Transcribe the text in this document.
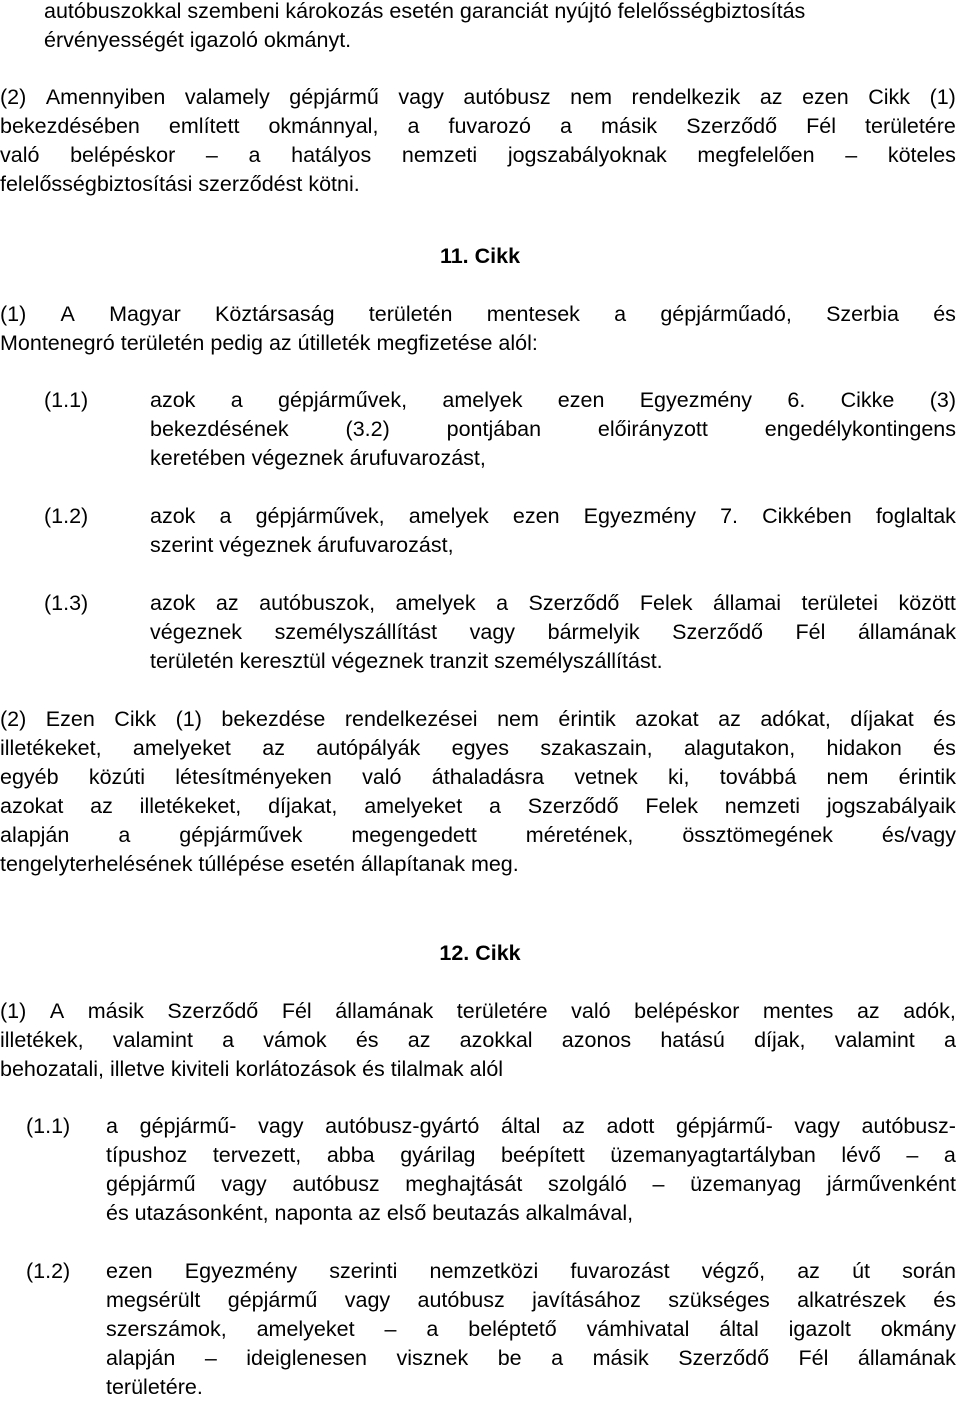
autóbuszokkal szembeni károkozás esetén garanciát nyújtó felelősségbiztosítás
érvényességét igazoló okmányt.
(2) Amennyiben valamely gépjármű vagy autóbusz nem rendelkezik az ezen Cikk (1)
bekezdésében említett okmánnyal, a fuvarozó a másik Szerződő Fél területére
való belépéskor – a hatályos nemzeti jogszabályoknak megfelelően – köteles
felelősségbiztosítási szerződést kötni.
11. Cikk
(1) A Magyar Köztársaság területén mentesek a gépjárműadó, Szerbia és
Montenegró területén pedig az útilleték megfizetése alól:
(1.1)	azok a gépjárművek, amelyek ezen Egyezmény 6. Cikke (3)
bekezdésének	(3.2)	pontjában	előirányzott	engedélykontingens
keretében végeznek árufuvarozást,
(1.2)	azok a gépjárművek, amelyek ezen Egyezmény 7. Cikkében foglaltak
szerint végeznek árufuvarozást,
(1.3)	azok az autóbuszok, amelyek a Szerződő Felek államai területei között
végeznek személyszállítást vagy bármelyik Szerződő Fél államának
területén keresztül végeznek tranzit személyszállítást.
(2) Ezen Cikk (1) bekezdése rendelkezései nem érintik azokat az adókat, díjakat és
illetékeket, amelyeket az autópályák egyes szakaszain, alagutakon, hidakon és
egyéb közúti létesítményeken való áthaladásra vetnek ki, továbbá nem érintik
azokat az illetékeket, díjakat, amelyeket a Szerződő Felek nemzeti jogszabályaik
alapján a gépjárművek megengedett méretének, össztömegének és/vagy
tengelyterhelésének túllépése esetén állapítanak meg.
12. Cikk
(1) A másik Szerződő Fél államának területére való belépéskor mentes az adók,
illetékek, valamint a vámok és az azokkal azonos hatású díjak, valamint a
behozatali, illetve kiviteli korlátozások és tilalmak alól
(1.1) a gépjármű- vagy autóbusz-gyártó által az adott gépjármű- vagy autóbusz-
típushoz tervezett, abba gyárilag beépített üzemanyagtartályban lévő – a
gépjármű vagy autóbusz meghajtását szolgáló – üzemanyag járművenként
és utazásonként, naponta az első beutazás alkalmával,
(1.2) ezen Egyezmény szerinti nemzetközi fuvarozást végző, az út során
megsérült gépjármű vagy autóbusz javításához szükséges alkatrészek és
szerszámok, amelyeket – a beléptető vámhivatal által igazolt okmány
alapján – ideiglenesen visznek be a másik Szerződő Fél államának
területére.
